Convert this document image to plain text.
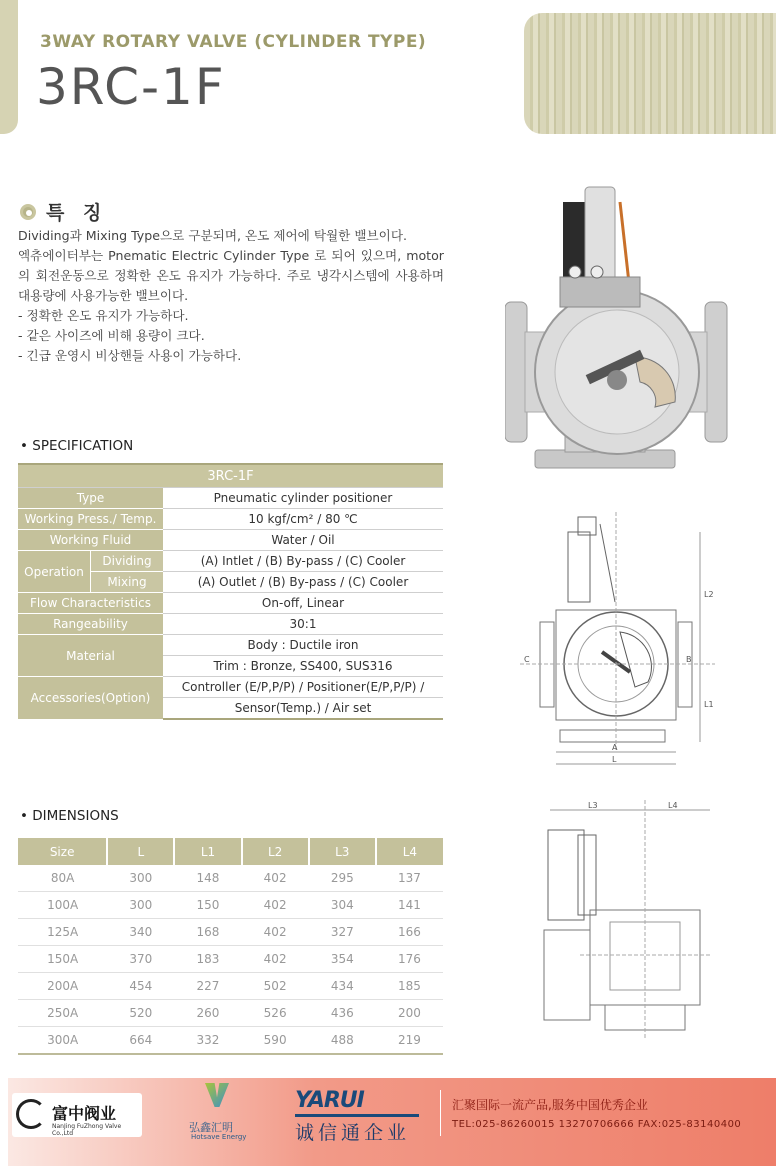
3WAY ROTARY VALVE (CYLINDER TYPE)
3RC-1F
특 징

Dividing과 Mixing Type으로 구분되며, 온도 제어에 탁월한 밸브이다.

엑츄에이터부는 Pnematic Electric Cylinder Type 로 되어 있으며, motor의 회전운동으로 정확한 온도 유지가 가능하다. 주로 냉각시스템에 사용하며 대용량에 사용가능한 밸브이다.

- 정확한 온도 유지가 가능하다.

- 같은 사이즈에 비해 용량이 크다.

- 긴급 운영시 비상핸들 사용이 가능하다.

• SPECIFICATION
3RC-1F		
Type		Pneumatic cylinder positioner
Working Press./ Temp.		10 kgf/cm² / 80 ℃
Working Fluid		Water / Oil
Operation	Dividing	(A) Intlet / (B) By-pass / (C) Cooler
	Mixing	(A) Outlet / (B) By-pass / (C) Cooler
Flow Characteristics		On-off, Linear
Rangeability		30:1
Material		Body : Ductile iron
		Trim : Bronze, SS400, SUS316
Accessories(Option)		Controller (E/P,P/P) / Positioner(E/P,P/P) /
		Sensor(Temp.) / Air set
L2
L1
A
L
C	B
• DIMENSIONS
Size	L	L1	L2	L3	L4
80A	300	148	402	295	137
100A	300	150	402	304	141
125A	340	168	402	327	166
150A	370	183	402	354	176
200A	454	227	502	434	185
250A	520	260	526	436	200
300A	664	332	590	488	219
L3	L4
富中阀业
NanJing FuZhong Valve Co.,Ltd	弘鑫汇明
Hotsave Energy
YARUI
诚信通企业
汇聚国际一流产品,服务中国优秀企业
TEL:025-86260015 13270706666 FAX:025-83140400
